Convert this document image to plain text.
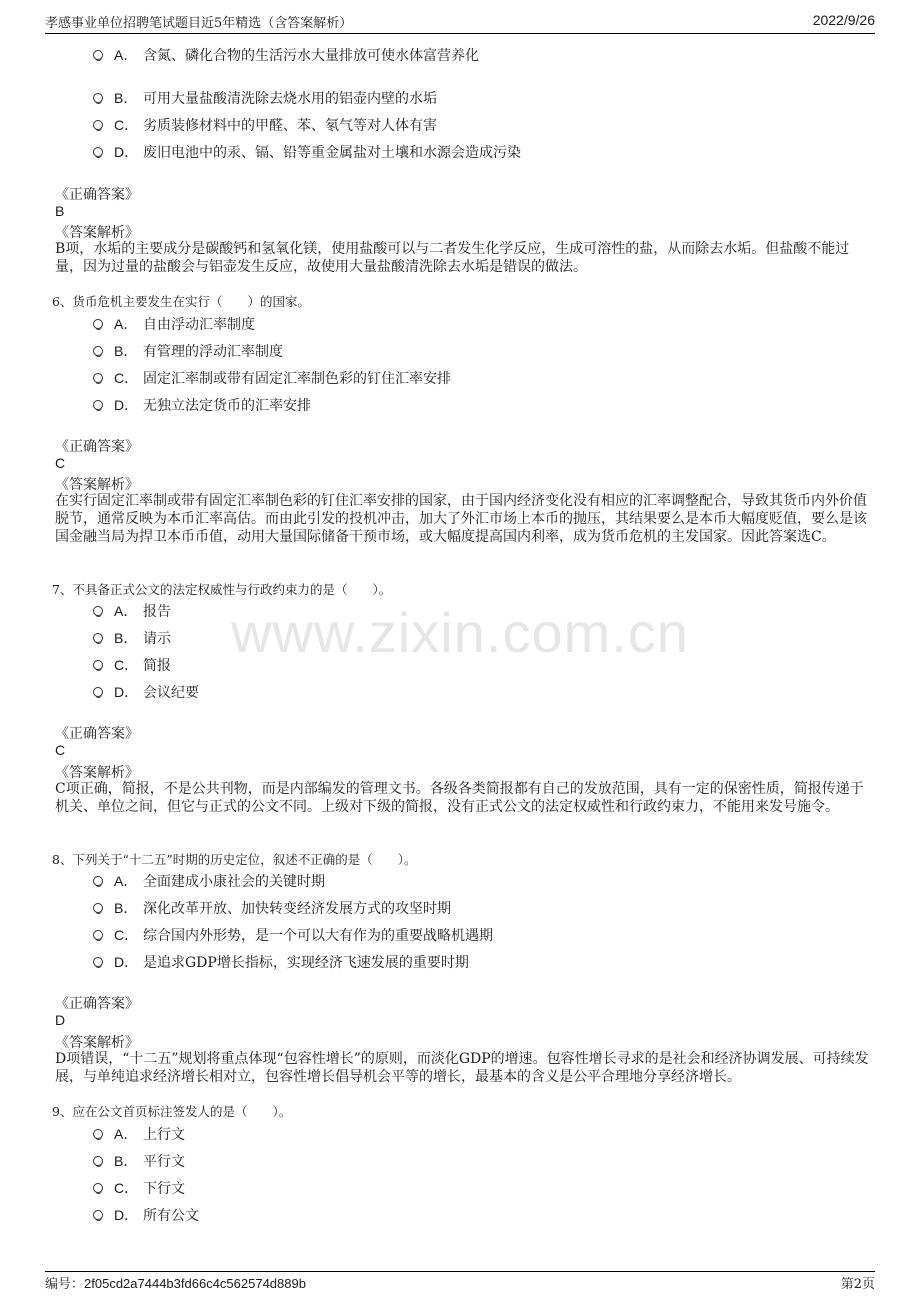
孝感事业单位招聘笔试题目近5年精选（含答案解析）	2022/9/26
www.zixin.com.cn
A． 含氮、磷化合物的生活污水大量排放可使水体富营养化
B． 可用大量盐酸清洗除去烧水用的铝壶内壁的水垢
C． 劣质装修材料中的甲醛、苯、氡气等对人体有害
D． 废旧电池中的汞、镉、铅等重金属盐对土壤和水源会造成污染
《正确答案》
B
《答案解析》
B项，水垢的主要成分是碳酸钙和氢氧化镁，使用盐酸可以与二者发生化学反应，生成可溶性的盐，从而除去水垢。但盐酸不能过量，因为过量的盐酸会与铝壶发生反应，故使用大量盐酸清洗除去水垢是错误的做法。
6、货币危机主要发生在实行（　　）的国家。
A． 自由浮动汇率制度
B． 有管理的浮动汇率制度
C． 固定汇率制或带有固定汇率制色彩的钉住汇率安排
D． 无独立法定货币的汇率安排
《正确答案》
C
《答案解析》
在实行固定汇率制或带有固定汇率制色彩的钉住汇率安排的国家，由于国内经济变化没有相应的汇率调整配合，导致其货币内外价值脱节，通常反映为本币汇率高估。而由此引发的投机冲击，加大了外汇市场上本币的抛压，其结果要么是本币大幅度贬值，要么是该国金融当局为捍卫本币币值，动用大量国际储备干预市场，或大幅度提高国内利率，成为货币危机的主发国家。因此答案选C。
7、不具备正式公文的法定权威性与行政约束力的是（　　）。
A． 报告
B． 请示
C． 简报
D． 会议纪要
《正确答案》
C
《答案解析》
C项正确，简报，不是公共刊物，而是内部编发的管理文书。各级各类简报都有自己的发放范围，具有一定的保密性质，简报传递于机关、单位之间，但它与正式的公文不同。上级对下级的简报，没有正式公文的法定权威性和行政约束力，不能用来发号施令。
8、下列关于“十二五”时期的历史定位，叙述不正确的是（　　）。
A． 全面建成小康社会的关键时期
B． 深化改革开放、加快转变经济发展方式的攻坚时期
C． 综合国内外形势，是一个可以大有作为的重要战略机遇期
D． 是追求GDP增长指标，实现经济飞速发展的重要时期
《正确答案》
D
《答案解析》
D项错误，“十二五”规划将重点体现“包容性增长”的原则，而淡化GDP的增速。包容性增长寻求的是社会和经济协调发展、可持续发展，与单纯追求经济增长相对立，包容性增长倡导机会平等的增长，最基本的含义是公平合理地分享经济增长。
9、应在公文首页标注签发人的是（　　）。
A． 上行文
B． 平行文
C． 下行文
D． 所有公文
编号：2f05cd2a7444b3fd66c4c562574d889b	第2页
